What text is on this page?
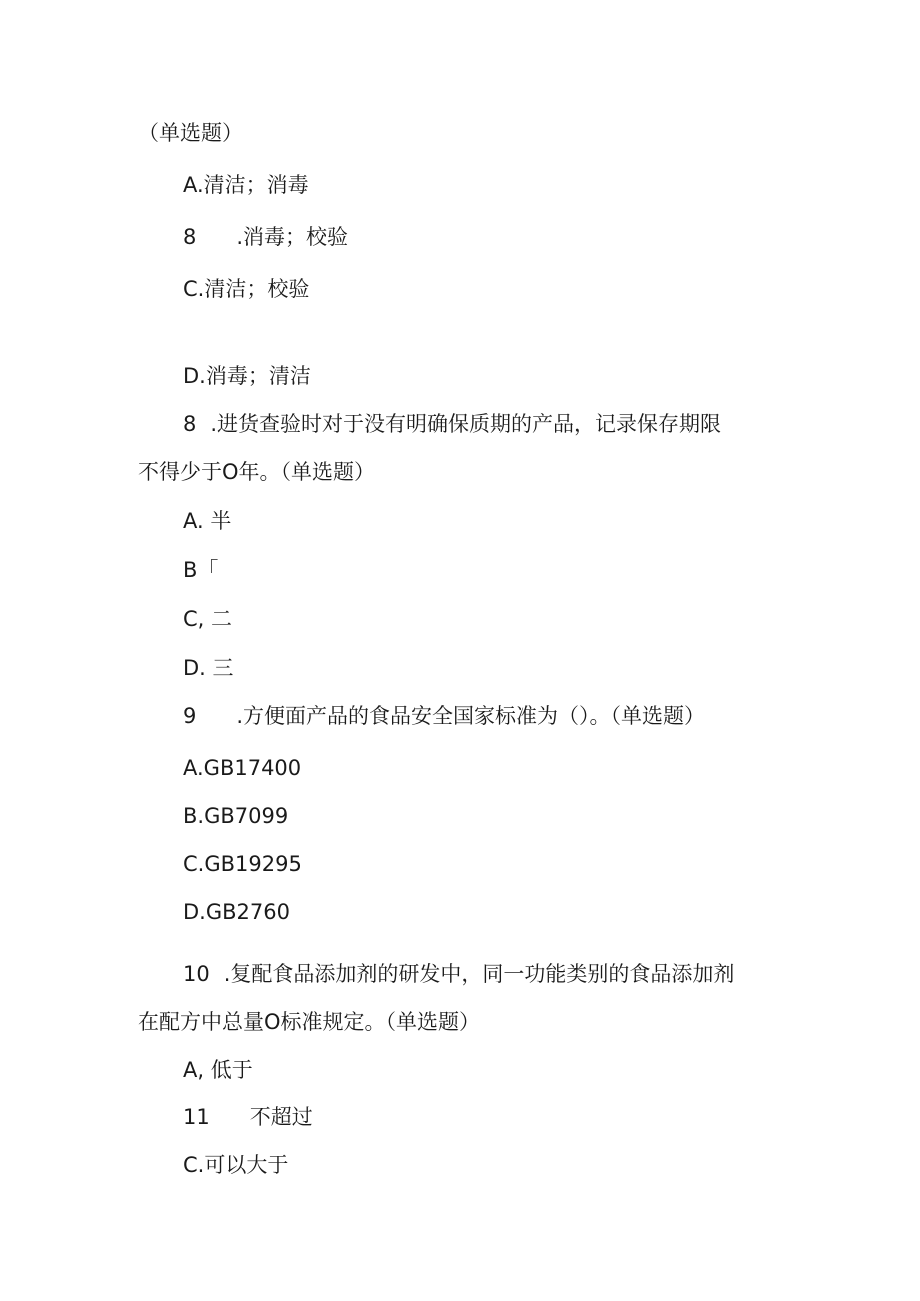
（单选题）
A.清洁；消毒
8 .消毒；校验
C.清洁；校验
D.消毒；清洁
8 .进货查验时对于没有明确保质期的产品，记录保存期限
不得少于O年。（单选题）
A. 半
B「
C, 二
D. 三
9 .方便面产品的食品安全国家标准为（）。（单选题）
A.GB17400
B.GB7099
C.GB19295
D.GB2760
10 .复配食品添加剂的研发中，同一功能类别的食品添加剂
在配方中总量O标准规定。（单选题）
A, 低于
11 不超过
C.可以大于
